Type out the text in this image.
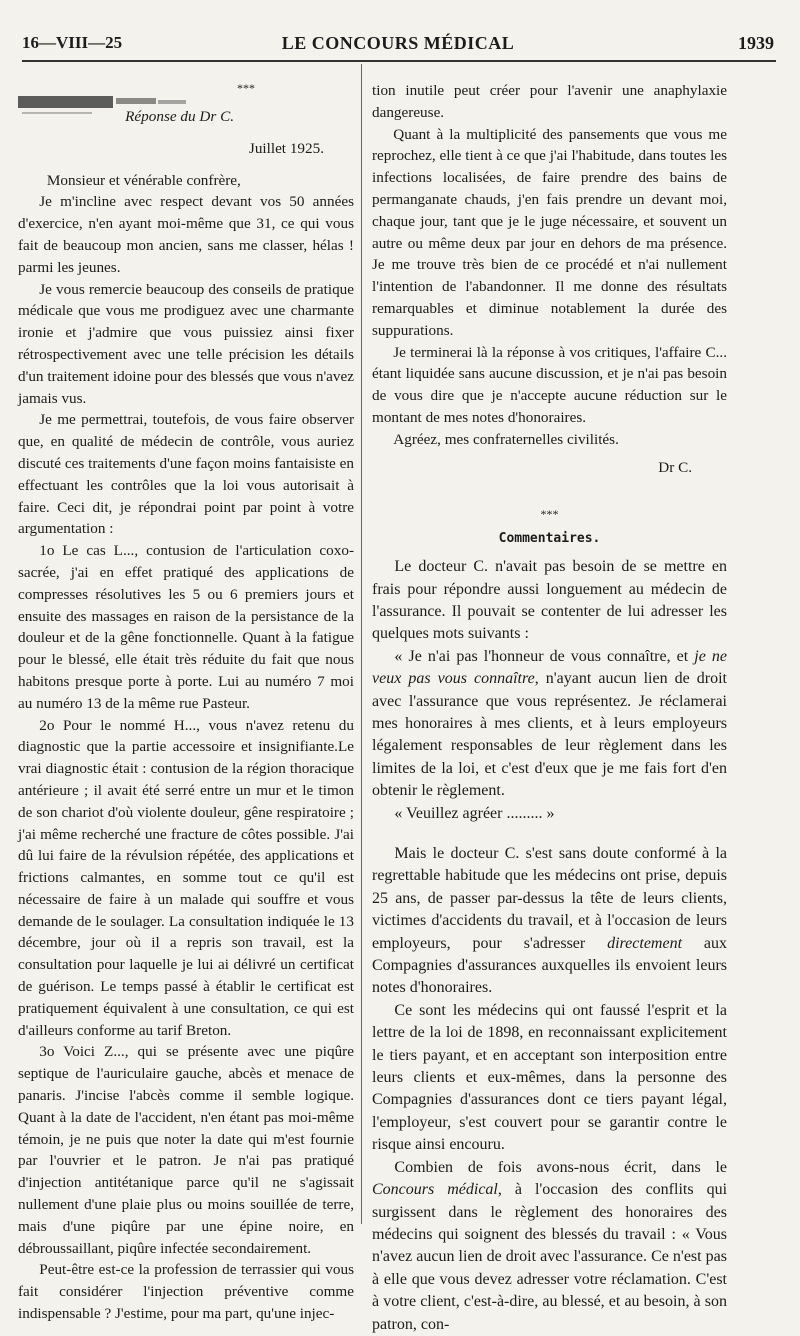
16—VIII—25	LE CONCOURS MÉDICAL	1939
***
Réponse du Dr C.
Juillet 1925.

Monsieur et vénérable confrère,

Je m'incline avec respect devant vos 50 années d'exercice, n'en ayant moi-même que 31, ce qui vous fait de beaucoup mon ancien, sans me classer, hélas ! parmi les jeunes.

Je vous remercie beaucoup des conseils de pratique médicale que vous me prodiguez avec une charmante ironie et j'admire que vous puissiez ainsi fixer rétrospectivement avec une telle précision les détails d'un traitement idoine pour des blessés que vous n'avez jamais vus.

Je me permettrai, toutefois, de vous faire observer que, en qualité de médecin de contrôle, vous auriez discuté ces traitements d'une façon moins fantaisiste en effectuant les contrôles que la loi vous autorisait à faire. Ceci dit, je répondrai point par point à votre argumentation :

1o Le cas L..., contusion de l'articulation coxo-sacrée, j'ai en effet pratiqué des applications de compresses résolutives les 5 ou 6 premiers jours et ensuite des massages en raison de la persistance de la douleur et de la gêne fonctionnelle. Quant à la fatigue pour le blessé, elle était très réduite du fait que nous habitons presque porte à porte. Lui au numéro 7 moi au numéro 13 de la même rue Pasteur.

2o Pour le nommé H..., vous n'avez retenu du diagnostic que la partie accessoire et insignifiante.Le vrai diagnostic était : contusion de la région thoracique antérieure ; il avait été serré entre un mur et le timon de son chariot d'où violente douleur, gêne respiratoire ; j'ai même recherché une fracture de côtes possible. J'ai dû lui faire de la révulsion répétée, des applications et frictions calmantes, en somme tout ce qu'il est nécessaire de faire à un malade qui souffre et vous demande de le soulager. La consultation indiquée le 13 décembre, jour où il a repris son travail, est la consultation pour laquelle je lui ai délivré un certificat de guérison. Le temps passé à établir le certificat est pratiquement équivalent à une consultation, ce qui est d'ailleurs conforme au tarif Breton.

3o Voici Z..., qui se présente avec une piqûre septique de l'auriculaire gauche, abcès et menace de panaris. J'incise l'abcès comme il semble logique. Quant à la date de l'accident, n'en étant pas moi-même témoin, je ne puis que noter la date qui m'est fournie par l'ouvrier et le patron. Je n'ai pas pratiqué d'injection antitétanique parce qu'il ne s'agissait nullement d'une plaie plus ou moins souillée de terre, mais d'une piqûre par une épine noire, en débroussaillant, piqûre infectée secondairement.

Peut-être est-ce la profession de terrassier qui vous fait considérer l'injection préventive comme indispensable ? J'estime, pour ma part, qu'une injec-

tion inutile peut créer pour l'avenir une anaphylaxie dangereuse.

Quant à la multiplicité des pansements que vous me reprochez, elle tient à ce que j'ai l'habitude, dans toutes les infections localisées, de faire prendre des bains de permanganate chauds, j'en fais prendre un devant moi, chaque jour, tant que je le juge nécessaire, et souvent un autre ou même deux par jour en dehors de ma présence. Je me trouve très bien de ce procédé et n'ai nullement l'intention de l'abandonner. Il me donne des résultats remarquables et diminue notablement la durée des suppurations.

Je terminerai là la réponse à vos critiques, l'affaire C... étant liquidée sans aucune discussion, et je n'ai pas besoin de vous dire que je n'accepte aucune réduction sur le montant de mes notes d'honoraires.

Agréez, mes confraternelles civilités.

Dr C.
***
Commentaires.

Le docteur C. n'avait pas besoin de se mettre en frais pour répondre aussi longuement au médecin de l'assurance. Il pouvait se contenter de lui adresser les quelques mots suivants :

« Je n'ai pas l'honneur de vous connaître, et je ne veux pas vous connaître, n'ayant aucun lien de droit avec l'assurance que vous représentez. Je réclamerai mes honoraires à mes clients, et à leurs employeurs légalement responsables de leur règlement dans les limites de la loi, et c'est d'eux que je me fais fort d'en obtenir le règlement.

« Veuillez agréer ......... »

Mais le docteur C. s'est sans doute conformé à la regrettable habitude que les médecins ont prise, depuis 25 ans, de passer par-dessus la tête de leurs clients, victimes d'accidents du travail, et à l'occasion de leurs employeurs, pour s'adresser directement aux Compagnies d'assurances auxquelles ils envoient leurs notes d'honoraires.

Ce sont les médecins qui ont faussé l'esprit et la lettre de la loi de 1898, en reconnaissant explicitement le tiers payant, et en acceptant son interposition entre leurs clients et eux-mêmes, dans la personne des Compagnies d'assurances dont ce tiers payant légal, l'employeur, s'est couvert pour se garantir contre le risque ainsi encouru.

Combien de fois avons-nous écrit, dans le Concours médical, à l'occasion des conflits qui surgissent dans le règlement des honoraires des médecins qui soignent des blessés du travail : « Vous n'avez aucun lien de droit avec l'assurance. Ce n'est pas à elle que vous devez adresser votre réclamation. C'est à votre client, c'est-à-dire, au blessé, et au besoin, à son patron, con-
